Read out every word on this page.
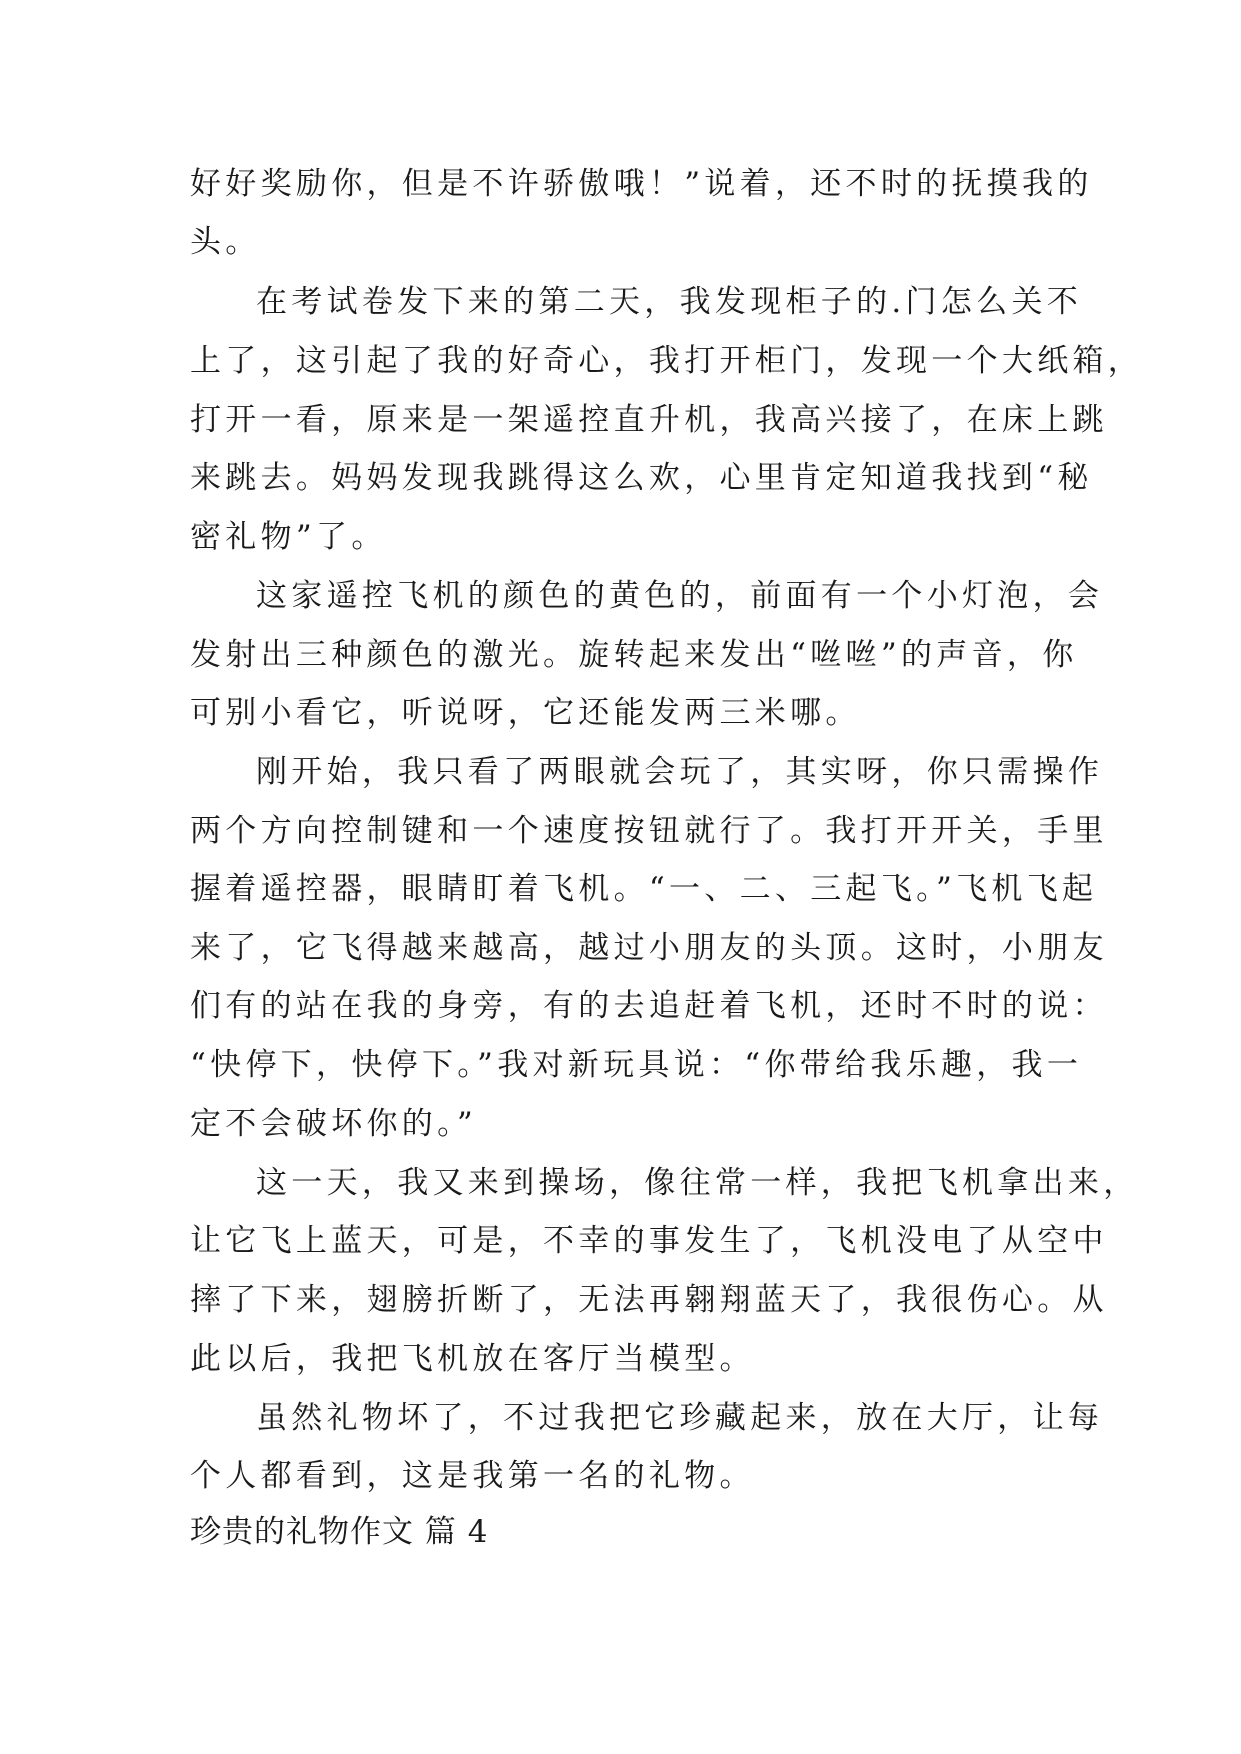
好好奖励你，但是不许骄傲哦！”说着，还不时的抚摸我的
头。
在考试卷发下来的第二天，我发现柜子的.门怎么关不
上了，这引起了我的好奇心，我打开柜门，发现一个大纸箱，
打开一看，原来是一架遥控直升机，我高兴接了，在床上跳
来跳去。妈妈发现我跳得这么欢，心里肯定知道我找到“秘
密礼物”了。
这家遥控飞机的颜色的黄色的，前面有一个小灯泡，会
发射出三种颜色的激光。旋转起来发出“咝咝”的声音，你
可别小看它，听说呀，它还能发两三米哪。
刚开始，我只看了两眼就会玩了，其实呀，你只需操作
两个方向控制键和一个速度按钮就行了。我打开开关，手里
握着遥控器，眼睛盯着飞机。“一、二、三起飞。”飞机飞起
来了，它飞得越来越高，越过小朋友的头顶。这时，小朋友
们有的站在我的身旁，有的去追赶着飞机，还时不时的说：
“快停下，快停下。”我对新玩具说：“你带给我乐趣，我一
定不会破坏你的。”
这一天，我又来到操场，像往常一样，我把飞机拿出来，
让它飞上蓝天，可是，不幸的事发生了，飞机没电了从空中
摔了下来，翅膀折断了，无法再翱翔蓝天了，我很伤心。从
此以后，我把飞机放在客厅当模型。
虽然礼物坏了，不过我把它珍藏起来，放在大厅，让每
个人都看到，这是我第一名的礼物。
珍贵的礼物作文 篇 4
